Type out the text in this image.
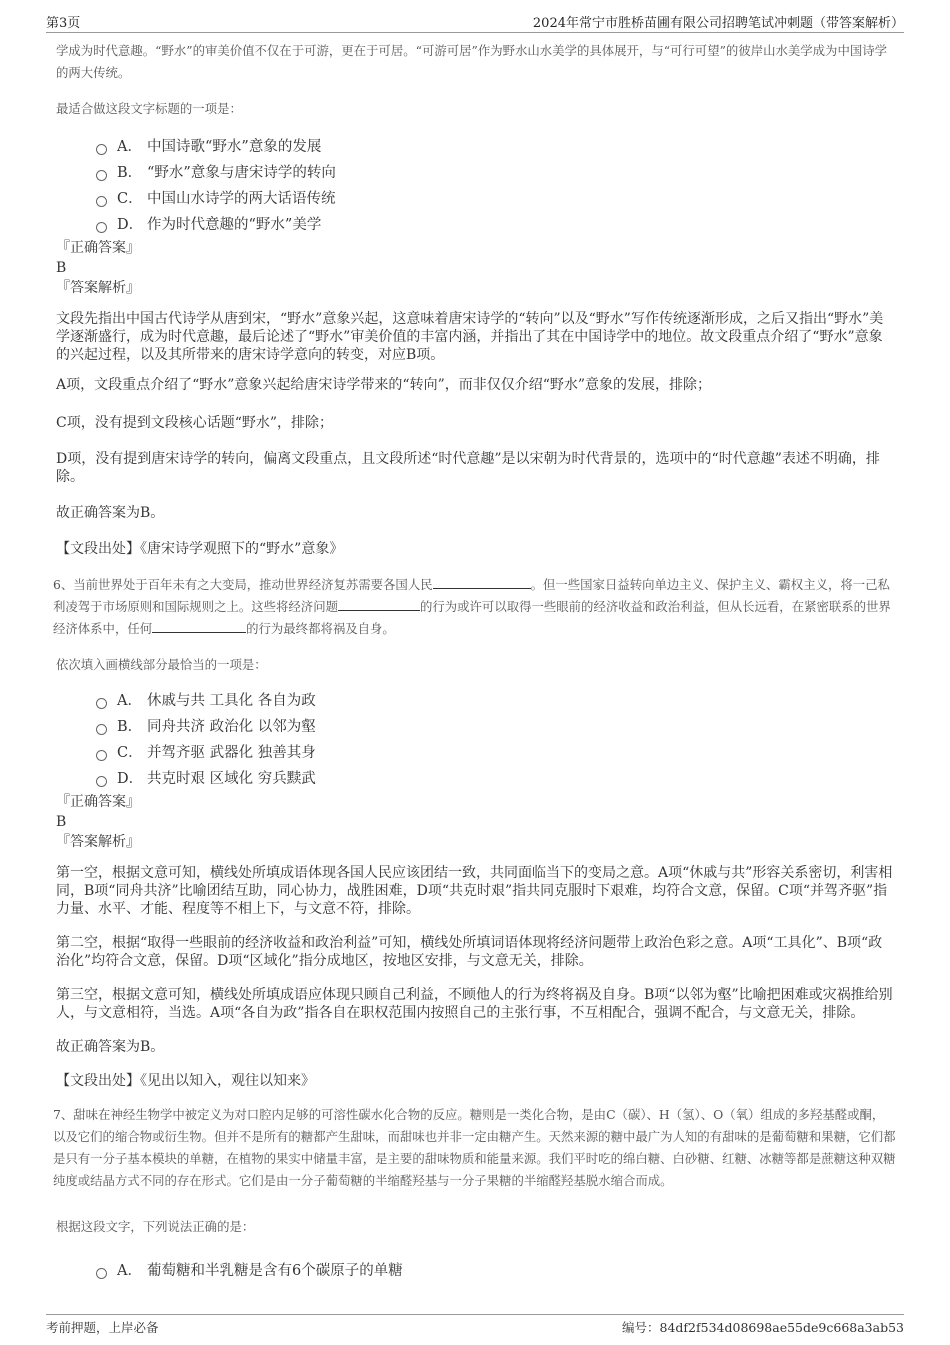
第3页	2024年常宁市胜桥苗圃有限公司招聘笔试冲刺题（带答案解析）

学成为时代意趣。“野水”的审美价值不仅在于可游，更在于可居。“可游可居”作为野水山水美学的具体展开，与“可行可望”的彼岸山水美学成为中国诗学的两大传统。

最适合做这段文字标题的一项是：

A． 中国诗歌“野水”意象的发展
B． “野水”意象与唐宋诗学的转向
C． 中国山水诗学的两大话语传统
D． 作为时代意趣的“野水”美学

『正确答案』

B

『答案解析』

文段先指出中国古代诗学从唐到宋，“野水”意象兴起，这意味着唐宋诗学的“转向”以及“野水”写作传统逐渐形成，之后又指出“野水”美学逐渐盛行，成为时代意趣，最后论述了“野水”审美价值的丰富内涵，并指出了其在中国诗学中的地位。故文段重点介绍了“野水”意象的兴起过程，以及其所带来的唐宋诗学意向的转变，对应B项。

A项，文段重点介绍了“野水”意象兴起给唐宋诗学带来的“转向”，而非仅仅介绍“野水”意象的发展，排除；

C项，没有提到文段核心话题“野水”，排除；

D项，没有提到唐宋诗学的转向，偏离文段重点，且文段所述“时代意趣”是以宋朝为时代背景的，选项中的“时代意趣”表述不明确，排除。

故正确答案为B。

【文段出处】《唐宋诗学观照下的“野水”意象》

6、当前世界处于百年未有之大变局，推动世界经济复苏需要各国人民	。但一些国家日益转向单边主义、保护主义、霸权主义，将一己私利凌驾于市场原则和国际规则之上。这些将经济问题	的行为或许可以取得一些眼前的经济收益和政治利益，但从长远看，在紧密联系的世界经济体系中，任何	的行为最终都将祸及自身。

依次填入画横线部分最恰当的一项是：

A． 休戚与共 工具化 各自为政
B． 同舟共济 政治化 以邻为壑
C． 并驾齐驱 武器化 独善其身
D． 共克时艰 区域化 穷兵黩武

『正确答案』

B

『答案解析』

第一空，根据文意可知，横线处所填成语体现各国人民应该团结一致，共同面临当下的变局之意。A项“休戚与共”形容关系密切，利害相同，B项“同舟共济”比喻团结互助，同心协力，战胜困难，D项“共克时艰”指共同克服时下艰难，均符合文意，保留。C项“并驾齐驱”指力量、水平、才能、程度等不相上下，与文意不符，排除。

第二空，根据“取得一些眼前的经济收益和政治利益”可知，横线处所填词语体现将经济问题带上政治色彩之意。A项“工具化”、B项“政治化”均符合文意，保留。D项“区域化”指分成地区，按地区安排，与文意无关，排除。

第三空，根据文意可知，横线处所填成语应体现只顾自己利益，不顾他人的行为终将祸及自身。B项“以邻为壑”比喻把困难或灾祸推给别人，与文意相符，当选。A项“各自为政”指各自在职权范围内按照自己的主张行事，不互相配合，强调不配合，与文意无关，排除。

故正确答案为B。

【文段出处】《见出以知入，观往以知来》

7、甜味在神经生物学中被定义为对口腔内足够的可溶性碳水化合物的反应。糖则是一类化合物，是由C（碳）、H（氢）、O（氧）组成的多羟基醛或酮，以及它们的缩合物或衍生物。但并不是所有的糖都产生甜味，而甜味也并非一定由糖产生。天然来源的糖中最广为人知的有甜味的是葡萄糖和果糖，它们都是只有一分子基本模块的单糖，在植物的果实中储量丰富，是主要的甜味物质和能量来源。我们平时吃的绵白糖、白砂糖、红糖、冰糖等都是蔗糖这种双糖纯度或结晶方式不同的存在形式。它们是由一分子葡萄糖的半缩醛羟基与一分子果糖的半缩醛羟基脱水缩合而成。

根据这段文字，下列说法正确的是：

A． 葡萄糖和半乳糖是含有6个碳原子的单糖
考前押题，上岸必备	编号：84df2f534d08698ae55de9c668a3ab53
